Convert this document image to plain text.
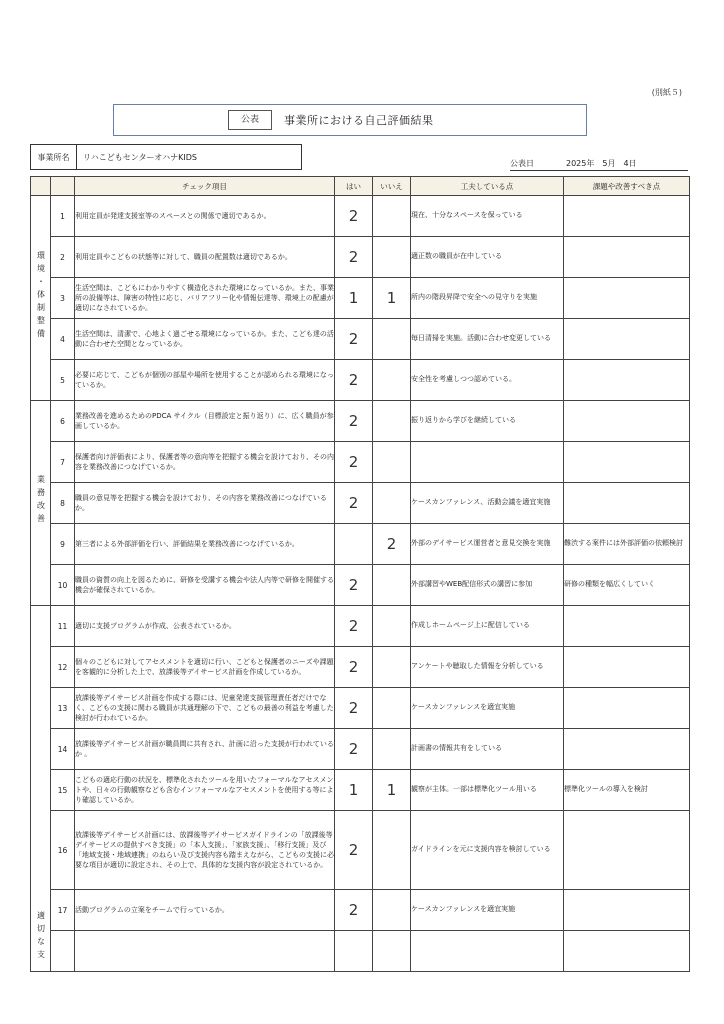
(別紙５)
公表	事業所における自己評価結果
事業所名	リハこどもセンターオハナKIDS
公表日	2025年　5月　4日
		チェック項目	はい	いいえ	工夫している点	課題や改善すべき点
環境・体制整備	1	利用定員が発達支援室等のスペースとの関係で適切であるか。	2		現在、十分なスペースを保っている	
	2	利用定員やこどもの状態等に対して、職員の配置数は適切であるか。	2		適正数の職員が在中している	
	3	生活空間は、こどもにわかりやすく構造化された環境になっているか。また、事業所の設備等は、障害の特性に応じ、バリアフリー化や情報伝達等、環境上の配慮が適切になされているか。	1	1	所内の階段昇降で安全への見守りを実施	
	4	生活空間は、清潔で、心地よく過ごせる環境になっているか。また、こども達の活動に合わせた空間となっているか。	2		毎日清掃を実施。活動に合わせ変更している	
	5	必要に応じて、こどもが個別の部屋や場所を使用することが認められる環境になっているか。	2		安全性を考慮しつつ認めている。	
業務改善	6	業務改善を進めるためのPDCA サイクル（目標設定と振り返り）に、広く職員が参画しているか。	2		振り返りから学びを継続している	
	7	保護者向け評価表により、保護者等の意向等を把握する機会を設けており、その内容を業務改善につなげているか。	2			
	8	職員の意見等を把握する機会を設けており、その内容を業務改善につなげているか。	2		ケースカンファレンス、活動会議を適宜実施	
	9	第三者による外部評価を行い、評価結果を業務改善につなげているか。		2	外部のデイサービス運営者と意見交換を実施	難渋する案件には外部評価の依頼検討
	10	職員の資質の向上を図るために、研修を受講する機会や法人内等で研修を開催する機会が確保されているか。	2		外部講習やWEB配信形式の講習に参加	研修の種類を幅広くしていく
適切な支	11	適切に支援プログラムが作成、公表されているか。	2		作成しホームページ上に配信している	
	12	個々のこどもに対してアセスメントを適切に行い、こどもと保護者のニーズや課題を客観的に分析した上で、放課後等デイサービス計画を作成しているか。	2		アンケートや聴取した情報を分析している	
	13	放課後等デイサービス計画を作成する際には、児童発達支援管理責任者だけでなく、こどもの支援に関わる職員が共通理解の下で、こどもの最善の利益を考慮した検討が行われているか。	2		ケースカンファレンスを適宜実施	
	14	放課後等デイサービス計画が職員間に共有され、計画に沿った支援が行われているか 。	2		計画書の情報共有をしている	
	15	こどもの適応行動の状況を、標準化されたツールを用いたフォーマルなアセスメントや、日々の行動観察なども含むインフォーマルなアセスメントを使用する等により確認しているか。	1	1	観察が主体。一部は標準化ツール用いる	標準化ツールの導入を検討
	16	放課後等デイサービス計画には、放課後等デイサービスガイドラインの「放課後等デイサービスの提供すべき支援」の「本人支援」、「家族支援」、「移行支援」及び「地域支援・地域連携」のねらい及び支援内容も踏まえながら、こどもの支援に必要な項目が適切に設定され、その上で、具体的な支援内容が設定されているか。	2		ガイドラインを元に支援内容を検討している	
	17	活動プログラムの立案をチームで行っているか。	2		ケースカンファレンスを適宜実施	
